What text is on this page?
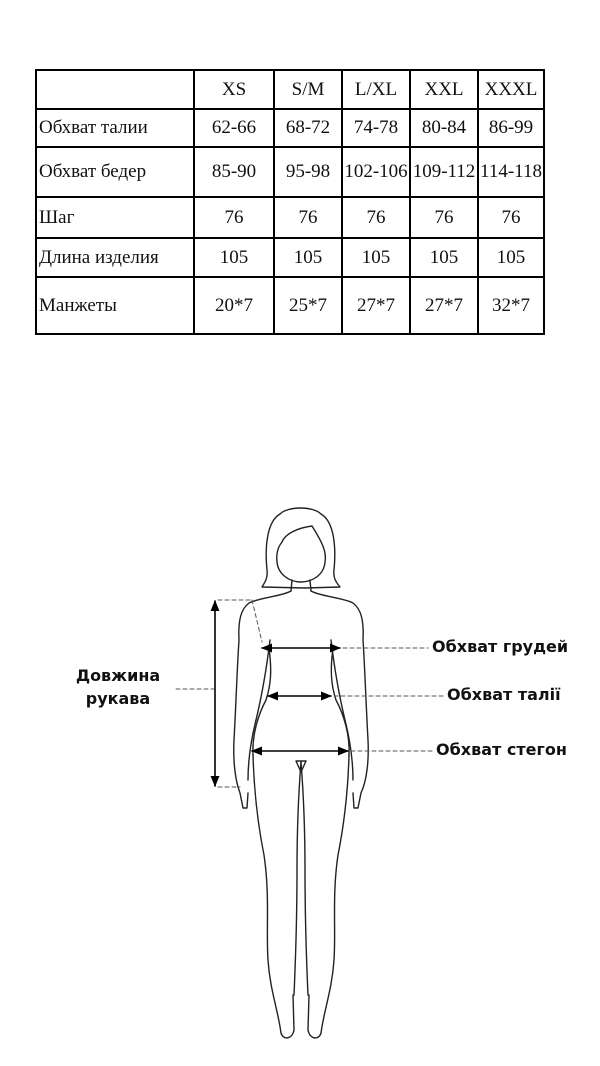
	XS	S/M	L/XL	XXL	XXXL
Обхват талии	62-66	68-72	74-78	80-84	86-99
Обхват бедер	85-90	95-98	102-106	109-112	114-118
Шаг	76	76	76	76	76
Длина изделия	105	105	105	105	105
Манжеты	20*7	25*7	27*7	27*7	32*7
Довжина
рукава
Обхват грудей
Обхват талії
Обхват стегон
